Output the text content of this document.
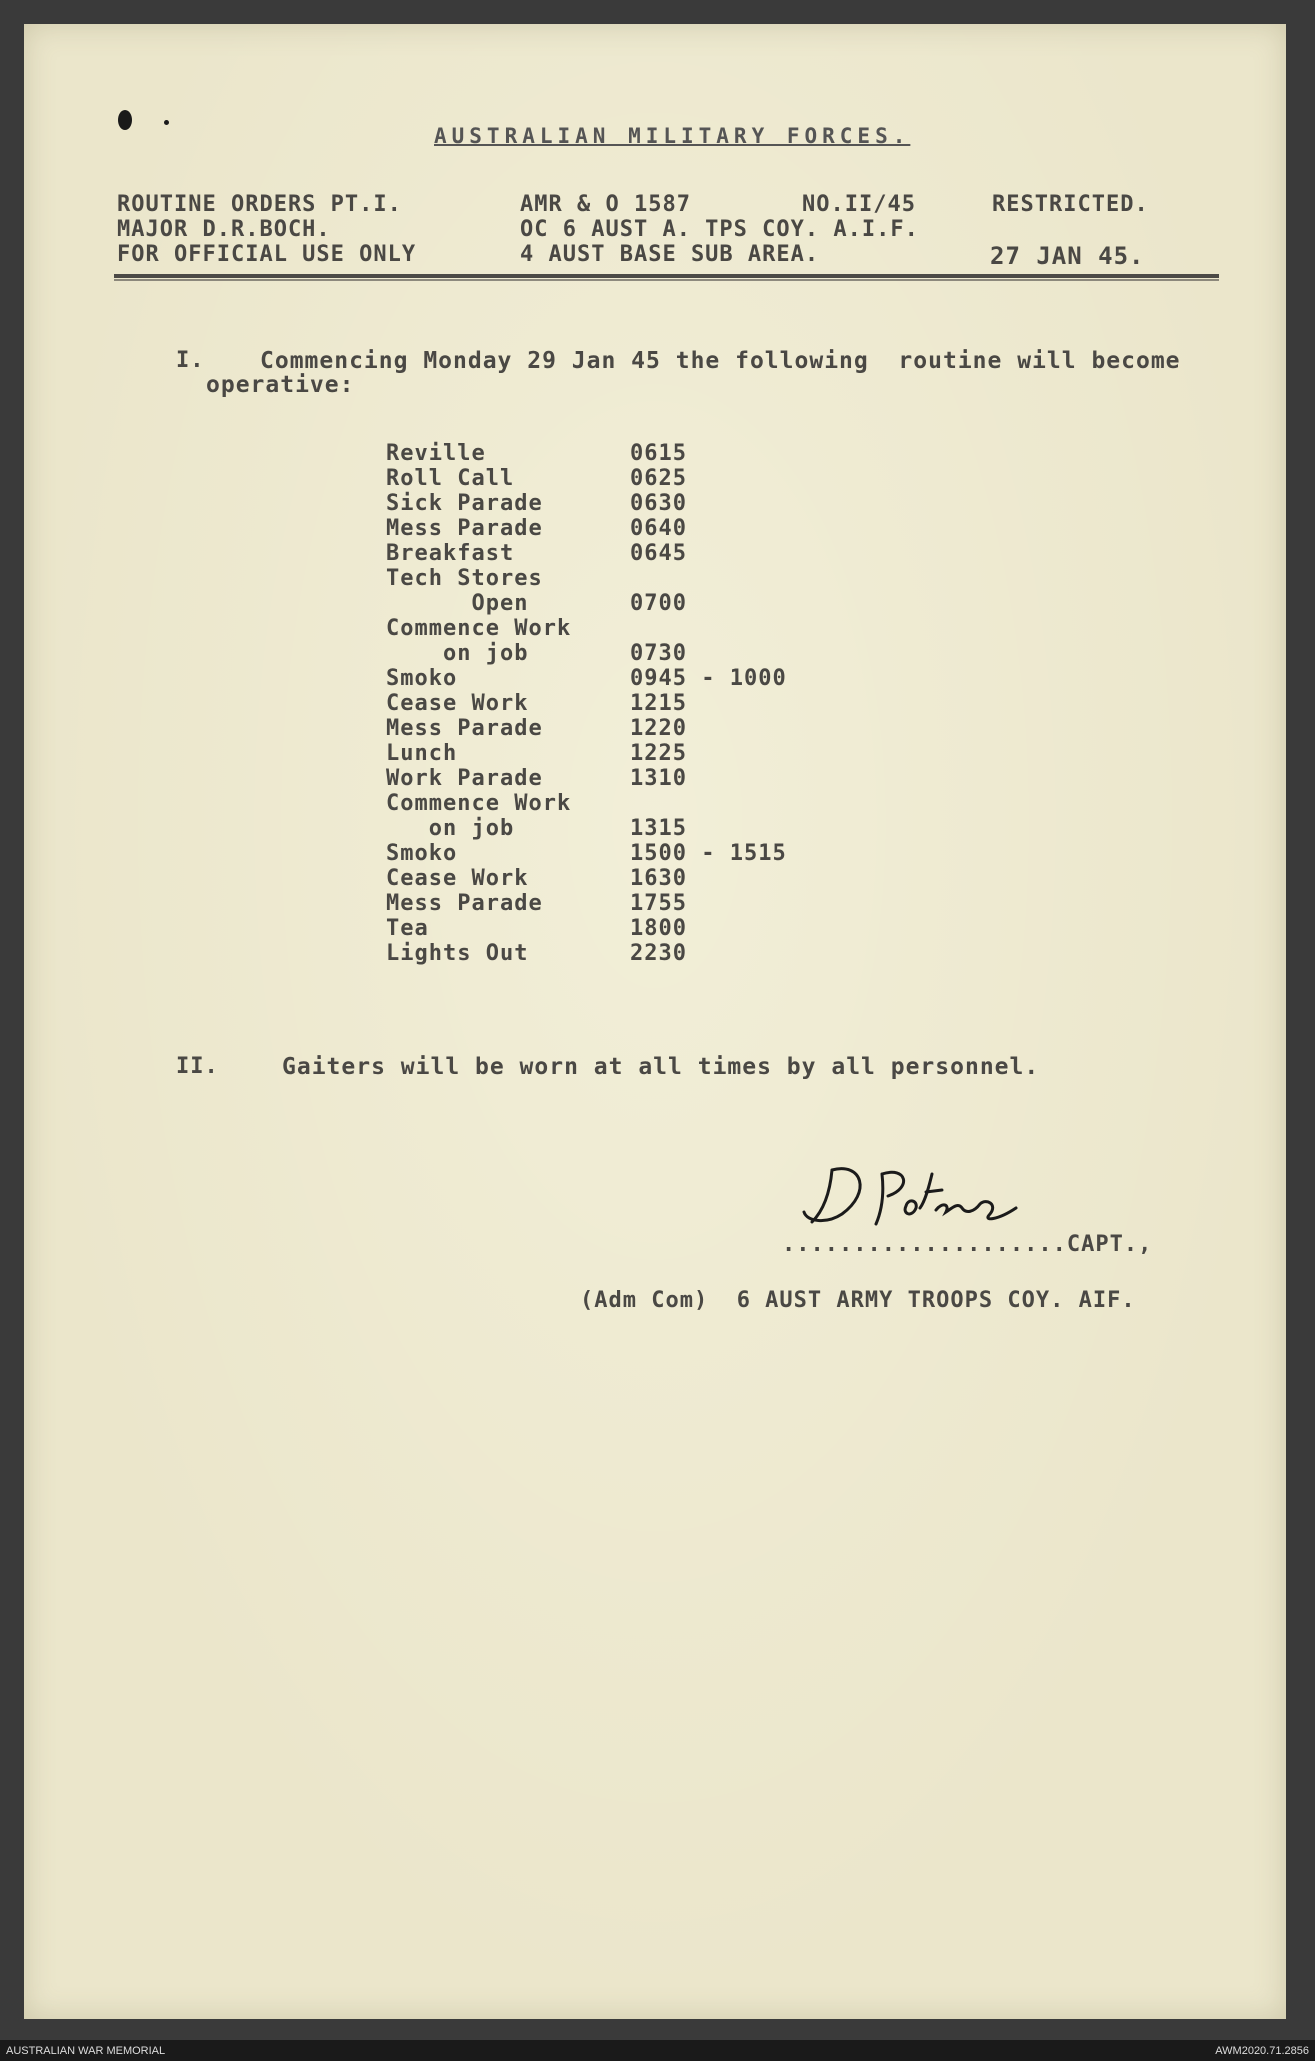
AUSTRALIAN MILITARY FORCES.
ROUTINE ORDERS PT.I.
MAJOR D.R.BOCH.
FOR OFFICIAL USE ONLY
AMR & O 1587
OC 6 AUST A. TPS COY. A.I.F.
4 AUST BASE SUB AREA.
NO.II/45	RESTRICTED.
27 JAN 45.
I. Commencing Monday 29 Jan 45 the following  routine will become
operative:
Reville	0615
Roll Call	0625
Sick Parade	0630
Mess Parade	0640
Breakfast	0645
Tech Stores
Open	0700
Commence Work
on job	0730
Smoko	0945 - 1000
Cease Work	1215
Mess Parade	1220
Lunch	1225
Work Parade	1310
Commence Work
on job	1315
Smoko	1500 - 1515
Cease Work	1630
Mess Parade	1755
Tea	1800
Lights Out	2230
II.	Gaiters will be worn at all times by all personnel.
....................CAPT.,
(Adm Com)  6 AUST ARMY TROOPS COY. AIF.
AUSTRALIAN WAR MEMORIAL	AWM2020.71.2856
